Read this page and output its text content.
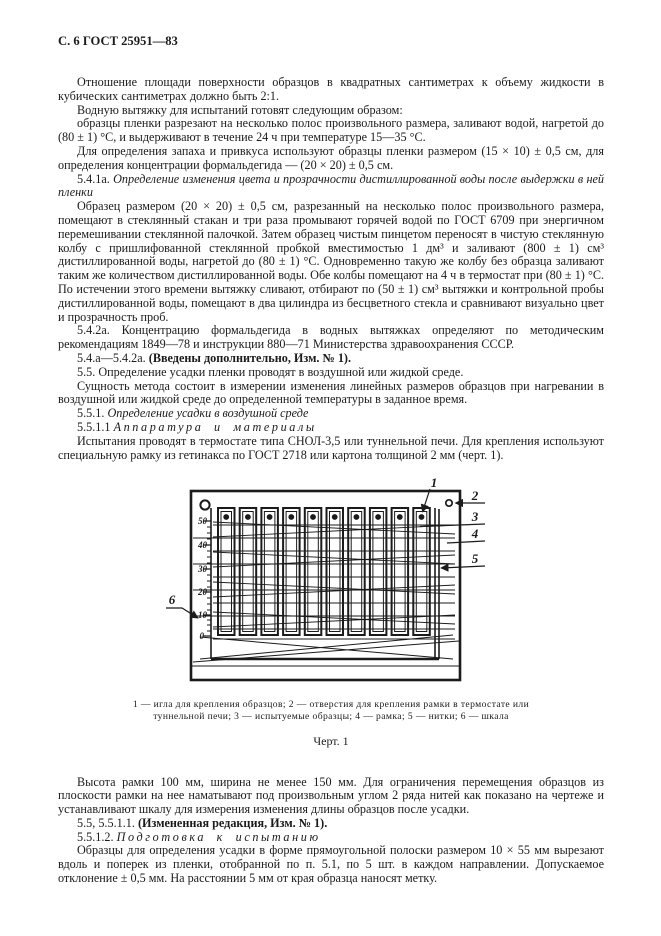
С. 6 ГОСТ 25951—83

Отношение площади поверхности образцов в квадратных сантиметрах к объему жидкости в кубических сантиметрах должно быть 2:1.

Водную вытяжку для испытаний готовят следующим образом:

образцы пленки разрезают на несколько полос произвольного размера, заливают водой, нагретой до (80 ± 1) °С, и выдерживают в течение 24 ч при температуре 15—35 °С.

Для определения запаха и привкуса используют образцы пленки размером (15 × 10) ± 0,5 см, для определения концентрации формальдегида — (20 × 20) ± 0,5 см.

5.4.1а. Определение изменения цвета и прозрачности дистиллированной воды после выдержки в ней пленки

Образец размером (20 × 20) ± 0,5 см, разрезанный на несколько полос произвольного размера, помещают в стеклянный стакан и три раза промывают горячей водой по ГОСТ 6709 при энергичном перемешивании стеклянной палочкой. Затем образец чистым пинцетом переносят в чистую стеклянную колбу с пришлифованной стеклянной пробкой вместимостью 1 дм³ и заливают (800 ± 1) см³ дистиллированной воды, нагретой до (80 ± 1) °С. Одновременно такую же колбу без образца заливают таким же количеством дистиллированной воды. Обе колбы помещают на 4 ч в термостат при (80 ± 1) °С. По истечении этого времени вытяжку сливают, отбирают по (50 ± 1) см³ вытяжки и контрольной пробы дистиллированной воды, помещают в два цилиндра из бесцветного стекла и сравнивают визуально цвет и прозрачность проб.

5.4.2а. Концентрацию формальдегида в водных вытяжках определяют по методическим рекомендациям 1849—78 и инструкции 880—71 Министерства здравоохранения СССР.

5.4.а—5.4.2а. (Введены дополнительно, Изм. № 1).

5.5. Определение усадки пленки проводят в воздушной или жидкой среде.

Сущность метода состоит в измерении изменения линейных размеров образцов при нагревании в воздушной или жидкой среде до определенной температуры в заданное время.

5.5.1. Определение усадки в воздушной среде

5.5.1.1 Аппаратура и материалы

Испытания проводят в термостате типа СНОЛ-3,5 или туннельной печи. Для крепления используют специальную рамку из гетинакса по ГОСТ 2718 или картона толщиной 2 мм (черт. 1).

50
40
30
20
10
0
1
2
3
4
5
6
1 — игла для крепления образцов; 2 — отверстия для крепления рамки в термостате или туннельной печи; 3 — испытуемые образцы; 4 — рамка; 5 — нитки; 6 — шкала
Черт. 1

Высота рамки 100 мм, ширина не менее 150 мм. Для ограничения перемещения образцов из плоскости рамки на нее наматывают под произвольным углом 2 ряда нитей как показано на чертеже и устанавливают шкалу для измерения изменения длины образцов после усадки.

5.5, 5.5.1.1. (Измененная редакция, Изм. № 1).

5.5.1.2. Подготовка к испытанию

Образцы для определения усадки в форме прямоугольной полоски размером 10 × 55 мм вырезают вдоль и поперек из пленки, отобранной по п. 5.1, по 5 шт. в каждом направлении. Допускаемое отклонение ± 0,5 мм. На расстоянии 5 мм от края образца наносят метку.
